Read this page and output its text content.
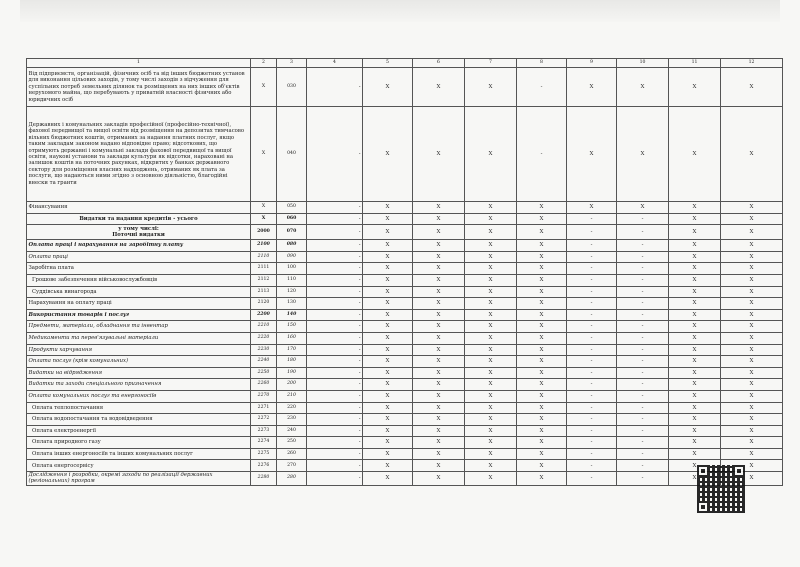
1	2	3	4	5	6	7	8	9	10	11	12
Від підприємств, організацій, фізичних осіб та від інших бюджетних установ для виконання цільових заходів, у тому числі заходів з відчуження для суспільних потреб земельних ділянок та розміщених на них інших об'єктів нерухомого майна, що перебувають у приватній власності фізичних або юридичних осіб	X	030	-	X	X	X	-	X	X	X	X
Державних і комунальних закладів професійної (професійно-технічної), фахової передвищої та вищої освіти від розміщення на депозитах тимчасово вільних бюджетних коштів, отриманих за надання платних послуг, якщо таким закладам законом надано відповідне право; відсоткових, що отримують державні і комунальні заклади фахової передвищої та вищої освіти, наукові установи та заклади культури як відсотки, нараховані на залишок коштів на поточних рахунках, відкритих у банках державного сектору для розміщення власних надходжень, отриманих як плата за послуги, що надаються ними згідно з основною діяльністю, благодійні внески та гранти	X	040	-	X	X	X	-	X	X	X	X
Фінансування	X	050	-	X	X	X	X	X	X	X	X
Видатки та надання кредитів - усього	X	060	-	X	X	X	X	-	-	X	X
у тому числі:
Поточні видатки	2000	070	-	X	X	X	X	-	-	X	X
Оплата праці і нарахування на заробітну плату	2100	080	-	X	X	X	X	-	-	X	X
Оплата праці	2110	090	-	X	X	X	X	-	-	X	X
Заробітна плата	2111	100	-	X	X	X	X	-	-	X	X
Грошове забезпечення військовослужбовців	2112	110	-	X	X	X	X	-	-	X	X
Суддівська винагорода	2113	120	-	X	X	X	X	-	-	X	X
Нарахування на оплату праці	2120	130	-	X	X	X	X	-	-	X	X
Використання товарів і послуг	2200	140	-	X	X	X	X	-	-	X	X
Предмети, матеріали, обладнання та інвентар	2210	150	-	X	X	X	X	-	-	X	X
Медикаменти та перев'язувальні матеріали	2220	160	-	X	X	X	X	-	-	X	X
Продукти харчування	2230	170	-	X	X	X	X	-	-	X	X
Оплата послуг (крім комунальних)	2240	180	-	X	X	X	X	-	-	X	X
Видатки на відрядження	2250	190	-	X	X	X	X	-	-	X	X
Видатки та заходи спеціального призначення	2260	200	-	X	X	X	X	-	-	X	X
Оплата комунальних послуг та енергоносіїв	2270	210	-	X	X	X	X	-	-	X	X
Оплата теплопостачання	2271	220	-	X	X	X	X	-	-	X	X
Оплата водопостачання та водовідведення	2272	230	-	X	X	X	X	-	-	X	X
Оплата електроенергії	2273	240	-	X	X	X	X	-	-	X	X
Оплата природного газу	2274	250	-	X	X	X	X	-	-	X	X
Оплата інших енергоносіїв та інших комунальних послуг	2275	260	-	X	X	X	X	-	-	X	X
Оплата енергосервісу	2276	270	-	X	X	X	X	-	-	X	X
Дослідження і розробки, окремі заходи по реалізації державних (регіональних) програм	2280	280	-	X	X	X	X	-	-	X	X
